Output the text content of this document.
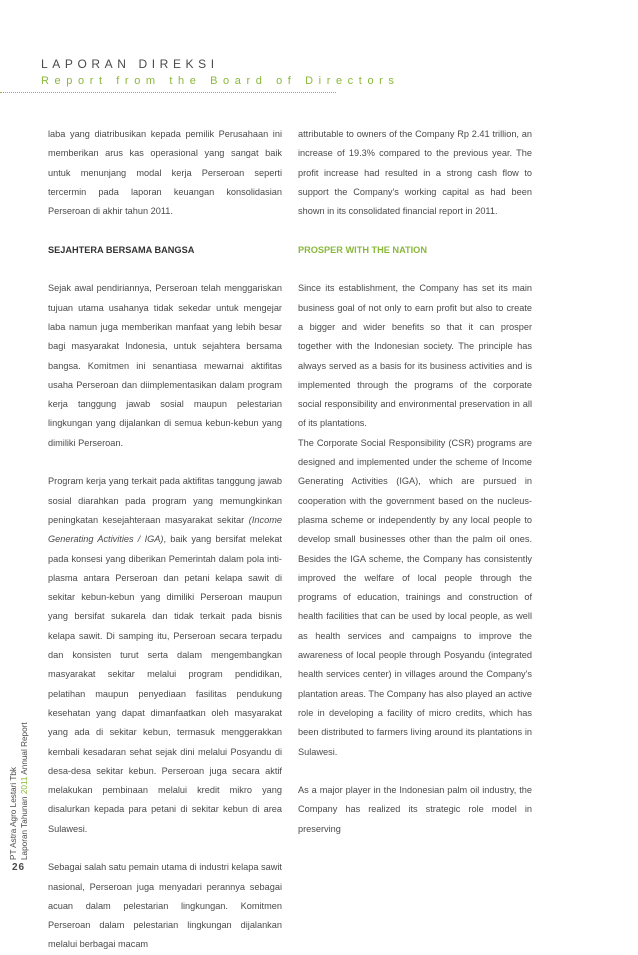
LAPORAN DIREKSI
Report from the Board of Directors

laba yang diatribusikan kepada pemilik Perusahaan ini memberikan arus kas operasional yang sangat baik untuk menunjang modal kerja Perseroan seperti tercermin pada laporan keuangan konsolidasian Perseroan di akhir tahun 2011.

SEJAHTERA BERSAMA BANGSA

Sejak awal pendiriannya, Perseroan telah menggariskan tujuan utama usahanya tidak sekedar untuk mengejar laba namun juga memberikan manfaat yang lebih besar bagi masyarakat Indonesia, untuk sejahtera bersama bangsa. Komitmen ini senantiasa mewarnai aktifitas usaha Perseroan dan diimplementasikan dalam program kerja tanggung jawab sosial maupun pelestarian lingkungan yang dijalankan di semua kebun-kebun yang dimiliki Perseroan.

Program kerja yang terkait pada aktifitas tanggung jawab sosial diarahkan pada program yang memungkinkan peningkatan kesejahteraan masyarakat sekitar (Income Generating Activities / IGA), baik yang bersifat melekat pada konsesi yang diberikan Pemerintah dalam pola inti-plasma antara Perseroan dan petani kelapa sawit di sekitar kebun-kebun yang dimiliki Perseroan maupun yang bersifat sukarela dan tidak terkait pada bisnis kelapa sawit. Di samping itu, Perseroan secara terpadu dan konsisten turut serta dalam mengembangkan masyarakat sekitar melalui program pendidikan, pelatihan maupun penyediaan fasilitas pendukung kesehatan yang dapat dimanfaatkan oleh masyarakat yang ada di sekitar kebun, termasuk menggerakkan kembali kesadaran sehat sejak dini melalui Posyandu di desa-desa sekitar kebun. Perseroan juga secara aktif melakukan pembinaan melalui kredit mikro yang disalurkan kepada para petani di sekitar kebun di area Sulawesi.

Sebagai salah satu pemain utama di industri kelapa sawit nasional, Perseroan juga menyadari perannya sebagai acuan dalam pelestarian lingkungan. Komitmen Perseroan dalam pelestarian lingkungan dijalankan melalui berbagai macam

attributable to owners of the Company Rp 2.41 trillion, an increase of 19.3% compared to the previous year. The profit increase had resulted in a strong cash flow to support the Company's working capital as had been shown in its consolidated financial report in 2011.

PROSPER WITH THE NATION

Since its establishment, the Company has set its main business goal of not only to earn profit but also to create a bigger and wider benefits so that it can prosper together with the Indonesian society. The principle has always served as a basis for its business activities and is implemented through the programs of the corporate social responsibility and environmental preservation in all of its plantations.

The Corporate Social Responsibility (CSR) programs are designed and implemented under the scheme of Income Generating Activities (IGA), which are pursued in cooperation with the government based on the nucleus-plasma scheme or independently by any local people to develop small businesses other than the palm oil ones. Besides the IGA scheme, the Company has consistently improved the welfare of local people through the programs of education, trainings and construction of health facilities that can be used by local people, as well as health services and campaigns to improve the awareness of local people through Posyandu (integrated health services center) in villages around the Company's plantation areas. The Company has also played an active role in developing a facility of micro credits, which has been distributed to farmers living around its plantations in Sulawesi.

As a major player in the Indonesian palm oil industry, the Company has realized its strategic role model in preserving

PT Astra Agro Lestari Tbk Laporan Tahunan 2011 Annual Report
26
